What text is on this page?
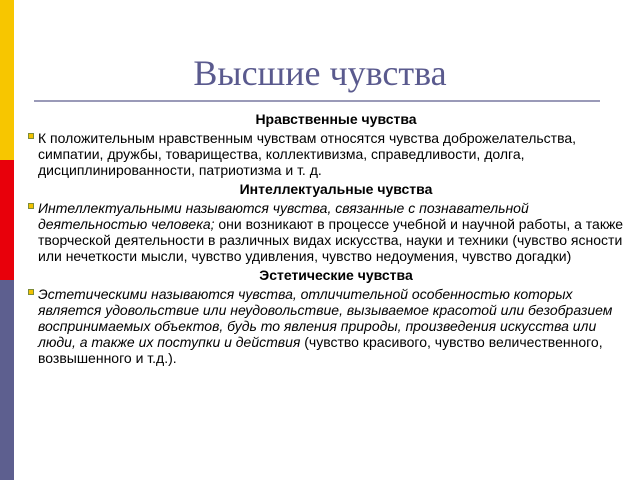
Высшие чувства
Нравственные чувства
К положительным нравственным чувствам относятся чувства доброжелательства, симпатии, дружбы, товарищества, коллективизма, справедливости, долга, дисциплинированности, патриотизма и т. д.
Интеллектуальные чувства
Интеллектуальными называются чувства, связанные с познавательной деятельностью человека; они возникают в процессе учебной и научной работы, а также творческой деятельности в различных видах искусства, науки и техники (чувство ясности или нечеткости мысли, чувство удивления, чувство недоумения, чувство догадки)
Эстетические чувства
Эстетическими называются чувства, отличительной особенностью которых является удовольствие или неудовольствие, вызываемое красотой или безобразием воспринимаемых объектов, будь то явления природы, произведения искусства или люди, а также их поступки и действия (чувство красивого, чувство величественного, возвышенного и т.д.).
